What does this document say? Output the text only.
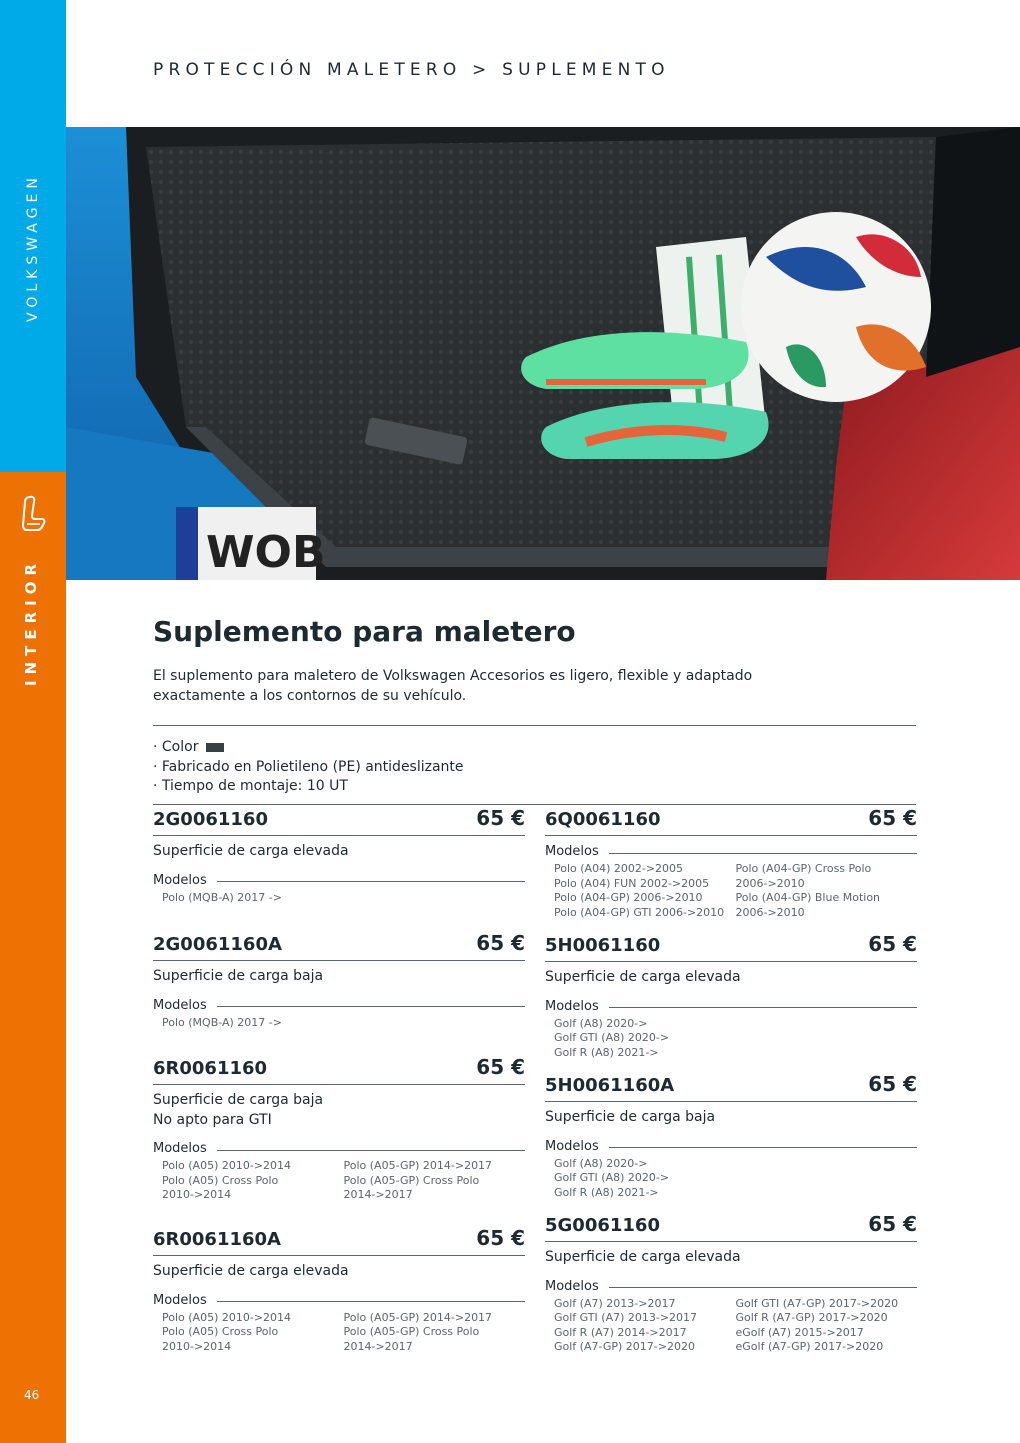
VOLKSWAGEN
INTERIOR
46
PROTECCIÓN MALETERO > SUPLEMENTO
WOB
Suplemento para maletero
El suplemento para maletero de Volkswagen Accesorios es ligero, flexible y adaptado exactamente a los contornos de su vehículo.
· Color
· Fabricado en Polietileno (PE) antideslizante
· Tiempo de montaje: 10 UT
2G0061160	65 €
Superficie de carga elevada
Modelos
Polo (MQB-A) 2017 ->
2G0061160A	65 €
Superficie de carga baja
Modelos
Polo (MQB-A) 2017 ->
6R0061160	65 €
Superficie de carga baja
No apto para GTI
Modelos
Polo (A05) 2010->2014
Polo (A05) Cross Polo
2010->2014
Polo (A05-GP) 2014->2017
Polo (A05-GP) Cross Polo
2014->2017
6R0061160A	65 €
Superficie de carga elevada
Modelos
Polo (A05) 2010->2014
Polo (A05) Cross Polo
2010->2014
Polo (A05-GP) 2014->2017
Polo (A05-GP) Cross Polo
2014->2017
6Q0061160	65 €
Modelos
Polo (A04) 2002->2005
Polo (A04) FUN 2002->2005
Polo (A04-GP) 2006->2010
Polo (A04-GP) GTI 2006->2010
Polo (A04-GP) Cross Polo
2006->2010
Polo (A04-GP) Blue Motion
2006->2010
5H0061160	65 €
Superficie de carga elevada
Modelos
Golf (A8) 2020->
Golf GTI (A8) 2020->
Golf R (A8) 2021->
5H0061160A	65 €
Superficie de carga baja
Modelos
Golf (A8) 2020->
Golf GTI (A8) 2020->
Golf R (A8) 2021->
5G0061160	65 €
Superficie de carga elevada
Modelos
Golf (A7) 2013->2017
Golf GTI (A7) 2013->2017
Golf R (A7) 2014->2017
Golf (A7-GP) 2017->2020
Golf GTI (A7-GP) 2017->2020
Golf R (A7-GP) 2017->2020
eGolf (A7) 2015->2017
eGolf (A7-GP) 2017->2020
